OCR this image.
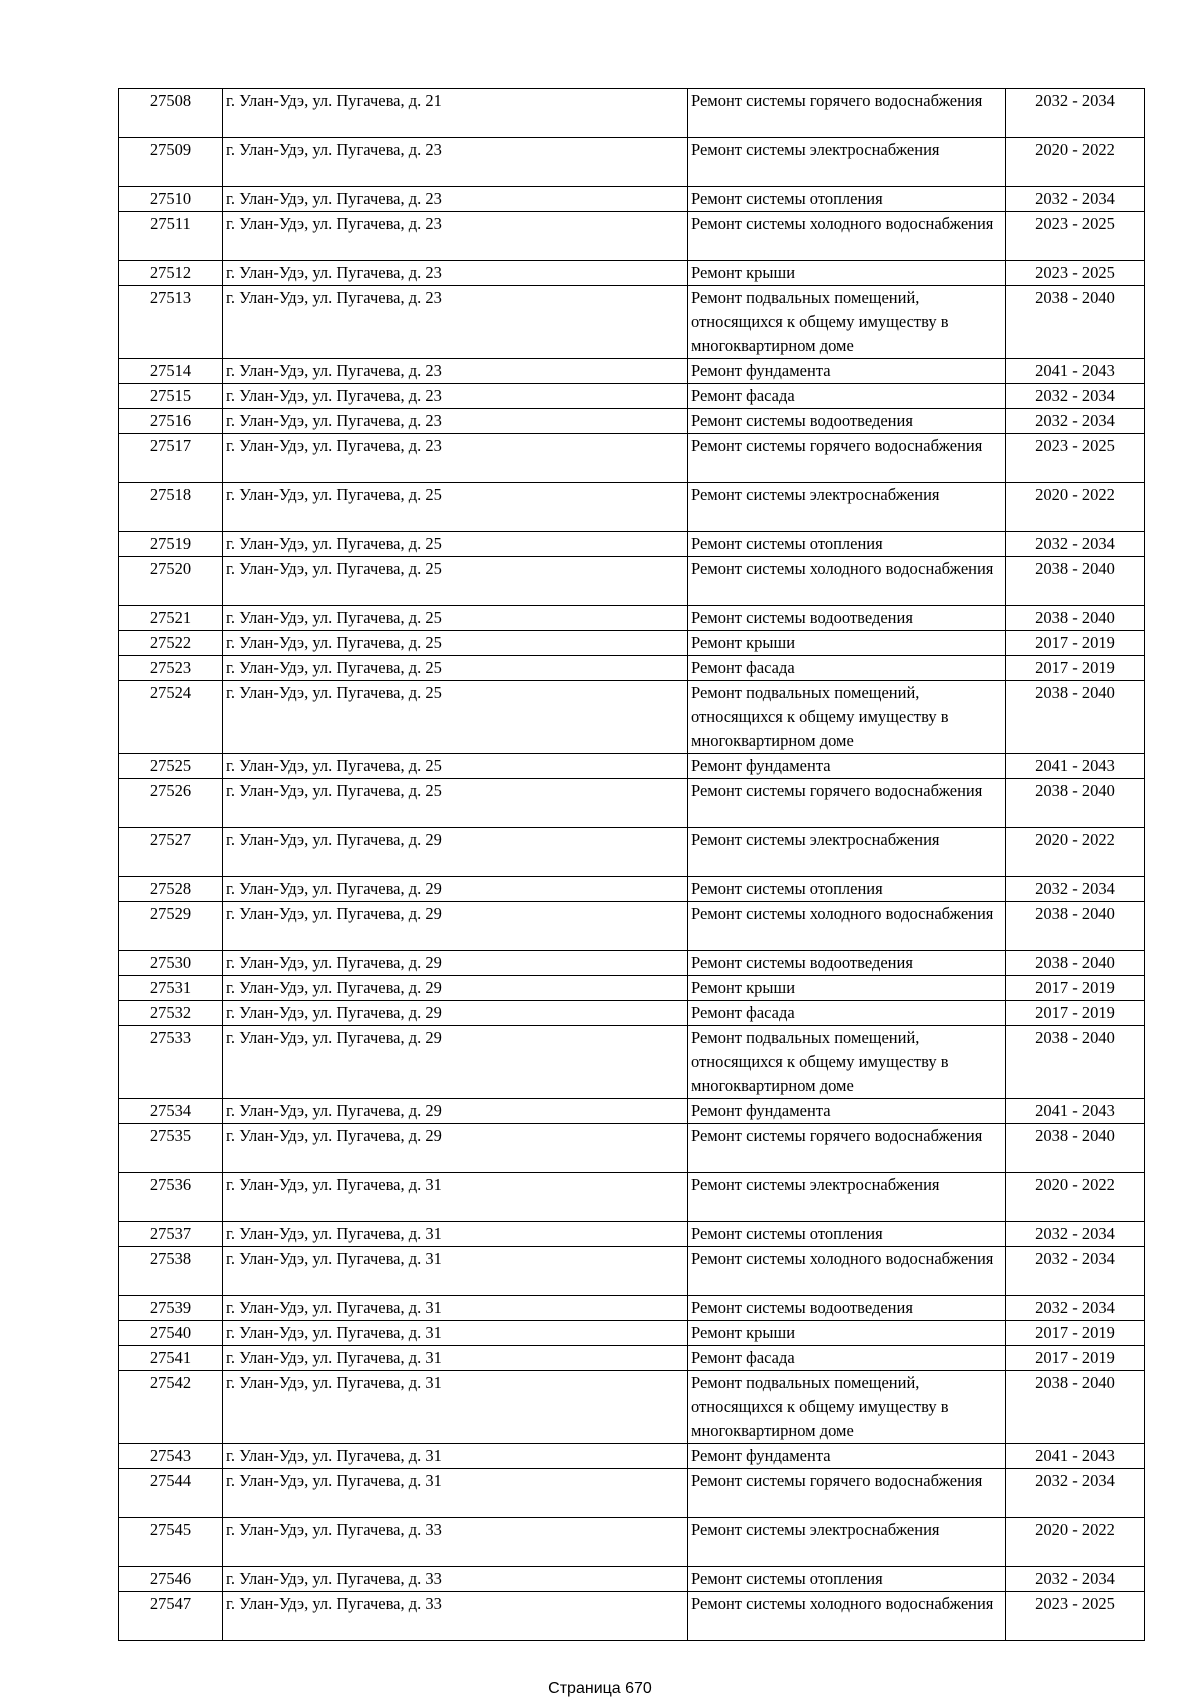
27508	г. Улан-Удэ, ул. Пугачева, д. 21	Ремонт системы горячего водоснабжения	2032 - 2034
27509	г. Улан-Удэ, ул. Пугачева, д. 23	Ремонт системы электроснабжения	2020 - 2022
27510	г. Улан-Удэ, ул. Пугачева, д. 23	Ремонт системы отопления	2032 - 2034
27511	г. Улан-Удэ, ул. Пугачева, д. 23	Ремонт системы холодного водоснабжения	2023 - 2025
27512	г. Улан-Удэ, ул. Пугачева, д. 23	Ремонт крыши	2023 - 2025
27513	г. Улан-Удэ, ул. Пугачева, д. 23	Ремонт подвальных помещений, относящихся к общему имуществу в многоквартирном доме	2038 - 2040
27514	г. Улан-Удэ, ул. Пугачева, д. 23	Ремонт фундамента	2041 - 2043
27515	г. Улан-Удэ, ул. Пугачева, д. 23	Ремонт фасада	2032 - 2034
27516	г. Улан-Удэ, ул. Пугачева, д. 23	Ремонт системы водоотведения	2032 - 2034
27517	г. Улан-Удэ, ул. Пугачева, д. 23	Ремонт системы горячего водоснабжения	2023 - 2025
27518	г. Улан-Удэ, ул. Пугачева, д. 25	Ремонт системы электроснабжения	2020 - 2022
27519	г. Улан-Удэ, ул. Пугачева, д. 25	Ремонт системы отопления	2032 - 2034
27520	г. Улан-Удэ, ул. Пугачева, д. 25	Ремонт системы холодного водоснабжения	2038 - 2040
27521	г. Улан-Удэ, ул. Пугачева, д. 25	Ремонт системы водоотведения	2038 - 2040
27522	г. Улан-Удэ, ул. Пугачева, д. 25	Ремонт крыши	2017 - 2019
27523	г. Улан-Удэ, ул. Пугачева, д. 25	Ремонт фасада	2017 - 2019
27524	г. Улан-Удэ, ул. Пугачева, д. 25	Ремонт подвальных помещений, относящихся к общему имуществу в многоквартирном доме	2038 - 2040
27525	г. Улан-Удэ, ул. Пугачева, д. 25	Ремонт фундамента	2041 - 2043
27526	г. Улан-Удэ, ул. Пугачева, д. 25	Ремонт системы горячего водоснабжения	2038 - 2040
27527	г. Улан-Удэ, ул. Пугачева, д. 29	Ремонт системы электроснабжения	2020 - 2022
27528	г. Улан-Удэ, ул. Пугачева, д. 29	Ремонт системы отопления	2032 - 2034
27529	г. Улан-Удэ, ул. Пугачева, д. 29	Ремонт системы холодного водоснабжения	2038 - 2040
27530	г. Улан-Удэ, ул. Пугачева, д. 29	Ремонт системы водоотведения	2038 - 2040
27531	г. Улан-Удэ, ул. Пугачева, д. 29	Ремонт крыши	2017 - 2019
27532	г. Улан-Удэ, ул. Пугачева, д. 29	Ремонт фасада	2017 - 2019
27533	г. Улан-Удэ, ул. Пугачева, д. 29	Ремонт подвальных помещений, относящихся к общему имуществу в многоквартирном доме	2038 - 2040
27534	г. Улан-Удэ, ул. Пугачева, д. 29	Ремонт фундамента	2041 - 2043
27535	г. Улан-Удэ, ул. Пугачева, д. 29	Ремонт системы горячего водоснабжения	2038 - 2040
27536	г. Улан-Удэ, ул. Пугачева, д. 31	Ремонт системы электроснабжения	2020 - 2022
27537	г. Улан-Удэ, ул. Пугачева, д. 31	Ремонт системы отопления	2032 - 2034
27538	г. Улан-Удэ, ул. Пугачева, д. 31	Ремонт системы холодного водоснабжения	2032 - 2034
27539	г. Улан-Удэ, ул. Пугачева, д. 31	Ремонт системы водоотведения	2032 - 2034
27540	г. Улан-Удэ, ул. Пугачева, д. 31	Ремонт крыши	2017 - 2019
27541	г. Улан-Удэ, ул. Пугачева, д. 31	Ремонт фасада	2017 - 2019
27542	г. Улан-Удэ, ул. Пугачева, д. 31	Ремонт подвальных помещений, относящихся к общему имуществу в многоквартирном доме	2038 - 2040
27543	г. Улан-Удэ, ул. Пугачева, д. 31	Ремонт фундамента	2041 - 2043
27544	г. Улан-Удэ, ул. Пугачева, д. 31	Ремонт системы горячего водоснабжения	2032 - 2034
27545	г. Улан-Удэ, ул. Пугачева, д. 33	Ремонт системы электроснабжения	2020 - 2022
27546	г. Улан-Удэ, ул. Пугачева, д. 33	Ремонт системы отопления	2032 - 2034
27547	г. Улан-Удэ, ул. Пугачева, д. 33	Ремонт системы холодного водоснабжения	2023 - 2025
Страница 670
